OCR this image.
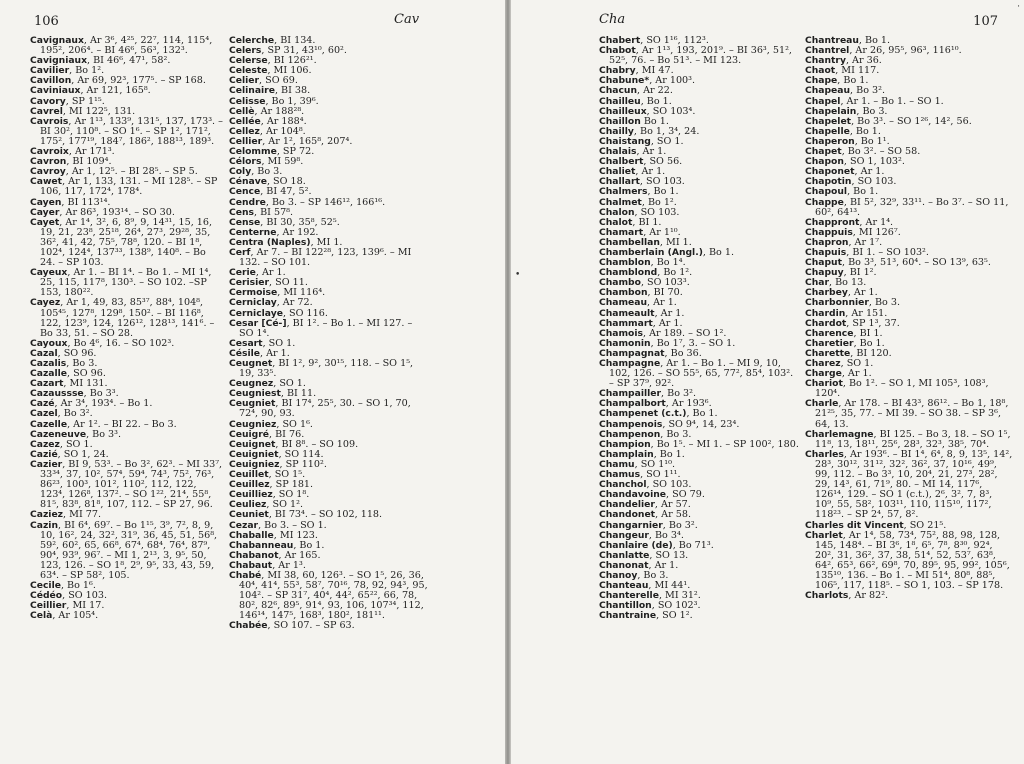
106	Cav

Cavignaux, Ar 3⁶, 4²⁵, 22⁷, 114, 115⁴, 195², 206⁴. – BI 46⁶, 56³, 132³.

Cavigniaux, BI 46⁶, 47¹, 58².

Cavilier, Bo 1².

Cavillon, Ar 69, 92³, 177⁵. – SP 168.

Caviniaux, Ar 121, 165⁸.

Cavory, SP 1¹⁵.

Cavrel, MI 122⁵, 131.

Cavrois, Ar 1¹³, 133⁹, 131⁵, 137, 173³. – BI 30², 110⁸. – SO 1⁶. – SP 1², 171², 175², 177¹⁹, 184⁷, 186², 188¹³, 189³.

Cavroix, Ar 171³.

Cavron, BI 109⁴.

Cavroy, Ar 1, 12⁵. – BI 28⁵. – SP 5.

Cawet, Ar 1, 133, 131. – MI 128⁵. – SP 106, 117, 172⁴, 178⁴.

Cayen, BI 113¹⁴.

Cayer, Ar 86³, 193¹⁴. – SO 30.

Cayet, Ar 1⁴, 3², 6, 8⁹, 9, 14³¹, 15, 16, 19, 21, 23⁸, 25¹⁸, 26⁴, 27³, 29²⁸, 35, 36², 41, 42, 75⁵, 78⁸, 120. – BI 1⁸, 102⁴, 124⁴, 137³³, 138⁹, 140⁸. – Bo 24. – SP 103.

Cayeux, Ar 1. – BI 1⁴. – Bo 1. – MI 1⁴, 25, 115, 117⁸, 130³. – SO 102. –SP 153, 180²².

Cayez, Ar 1, 49, 83, 85³⁷, 88⁴, 104⁸, 105⁴⁵, 127⁸, 129⁸, 150². – BI 116⁸, 122, 123⁹, 124, 126¹², 128¹³, 141⁶. – Bo 33, 51. – SO 28.

Cayoux, Bo 4⁶, 16. – SO 102³.

Cazal, SO 96.

Cazalis, Bo 3.

Cazalle, SO 96.

Cazart, MI 131.

Cazaussse, Bo 3³.

Cazé, Ar 3⁴, 193⁴. – Bo 1.

Cazel, Bo 3².

Cazelle, Ar 1². – BI 22. – Bo 3.

Cazeneuve, Bo 3³.

Cazez, SO 1.

Cazié, SO 1, 24.

Cazier, BI 9, 53³. – Bo 3², 62³. – MI 33⁷, 33³⁴, 37, 10², 57⁴, 59⁴, 74³, 75², 76³, 86²³, 100³, 101², 110², 112, 122, 123⁴, 126⁸, 137². – SO 1²², 21⁴, 55⁸, 81⁵, 83⁸, 81⁸, 107, 112. – SP 27, 96.

Caziez, MI 77.

Cazin, BI 6⁴, 69⁷. – Bo 1¹⁵, 3⁹, 7², 8, 9, 10, 16², 24, 32², 31⁹, 36, 45, 51, 56⁸, 59², 60², 65, 66⁸, 67⁴, 68⁴, 76⁴, 87⁹, 90⁴, 93⁹, 96⁷. – MI 1, 2¹³, 3, 9⁵, 50, 123, 126. – SO 1⁸, 2⁹, 9⁵, 33, 43, 59, 63⁴. – SP 58², 105.

Cecile, Bo 1⁶.

Cédéo, SO 103.

Ceillier, MI 17.

Celà, Ar 105⁴.

Celerche, BI 134.

Celers, SP 31, 43¹⁰, 60².

Celerse, BI 126²¹.

Celeste, MI 106.

Celier, SO 69.

Celinaire, BI 38.

Celisse, Bo 1, 39⁶.

Cellè, Ar 188²⁸.

Cellée, Ar 188⁴.

Cellez, Ar 104⁸.

Cellier, Ar 1², 165⁸, 207⁴.

Celomme, SP 72.

Célors, MI 59⁸.

Coly, Bo 3.

Cénave, SO 18.

Cence, BI 47, 5².

Cendre, Bo 3. – SP 146¹², 166¹⁶.

Cens, BI 57⁸.

Cense, BI 30, 35⁸, 52⁵.

Centerne, Ar 192.

Centra (Naples), MI 1.

Cerf, Ar 7. – BI 122²⁸, 123, 139⁶. – MI 132. – SO 101.

Cerie, Ar 1.

Cerisier, SO 11.

Cermoise, MI 116⁴.

Cerniclay, Ar 72.

Cerniclaye, SO 116.

Cesar [Cé-], BI 1². – Bo 1. – MI 127. – SO 1⁴.

Cesart, SO 1.

Césile, Ar 1.

Ceugnet, BI 1², 9², 30¹⁵, 118. – SO 1⁵, 19, 33⁵.

Ceugnez, SO 1.

Ceugniest, BI 11.

Ceugniet, BI 17⁴, 25⁵, 30. – SO 1, 70, 72⁴, 90, 93.

Ceugniez, SO 1⁶.

Ceuigré, BI 76.

Ceuignet, BI 8⁸. – SO 109.

Ceuigniet, SO 114.

Ceuigniez, SP 110².

Ceuillet, SO 1⁵.

Ceuillez, SP 181.

Ceuilliez, SO 1⁸.

Ceuliez, SO 1².

Ceuniet, BI 73⁴. – SO 102, 118.

Cezar, Bo 3. – SO 1.

Chaballe, MI 123.

Chabanneau, Bo 1.

Chabanot, Ar 165.

Chabaut, Ar 1³.

Chabé, MI 38, 60, 126³. – SO 1⁵, 26, 36, 40⁴, 41⁴, 55³, 58⁷, 70¹⁶, 78, 92, 94³, 95, 104². – SP 31⁷, 40⁴, 44², 65²², 66, 78, 80², 82⁶, 89⁵, 91⁴, 93, 106, 107³⁴, 112, 146¹⁴, 147⁵, 168³, 180², 181¹¹.

Chabée, SO 107. – SP 63.

Cha	107

Chabert, SO 1¹⁶, 112³.

Chabot, Ar 1¹³, 193, 201⁹. – BI 36³, 51², 52⁵, 76. – Bo 51³. – MI 123.

Chabry, MI 47.

Chabune*, Ar 100³.

Chacun, Ar 22.

Chailleu, Bo 1.

Chailleux, SO 103⁴.

Chaillon Bo 1.

Chailly, Bo 1, 3⁴, 24.

Chaistang, SO 1.

Chalais, Ar 1.

Chalbert, SO 56.

Chaliet, Ar 1.

Challart, SO 103.

Chalmers, Bo 1.

Chalmet, Bo 1².

Chalon, SO 103.

Chalot, BI 1.

Chamart, Ar 1¹⁰.

Chambellan, MI 1.

Chamberlain (Angl.), Bo 1.

Chamblon, Bo 1⁴.

Chamblond, Bo 1².

Chambo, SO 103³.

Chambon, BI 70.

Chameau, Ar 1.

Chameault, Ar 1.

Chammart, Ar 1.

Chamois, Ar 189. – SO 1².

Chamonin, Bo 1⁷, 3. – SO 1.

Champagnat, Bo 36.

Champagne, Ar 1. – Bo 1. – MI 9, 10, 102, 126. – SO 55⁵, 65, 77², 85⁴, 103². – SP 37⁹, 92².

Champailler, Bo 3².

Champalbort, Ar 193⁶.

Champenet (c.t.), Bo 1.

Champenois, SO 9⁴, 14, 23⁴.

Champenon, Bo 3.

Champion, Bo 1⁵. – MI 1. – SP 100², 180.

Champlain, Bo 1.

Chamu, SO 1¹⁰.

Chamus, SO 1¹¹.

Chanchol, SO 103.

Chandavoine, SO 79.

Chandelier, Ar 57.

Chandonet, Ar 58.

Changarnier, Bo 3².

Changeur, Bo 3⁴.

Chanlaire (de), Bo 71³.

Chanlatte, SO 13.

Chanonat, Ar 1.

Chanoy, Bo 3.

Chanteau, MI 44¹.

Chanterelle, MI 31².

Chantillon, SO 102³.

Chantraine, SO 1².

Chantreau, Bo 1.

Chantrel, Ar 26, 95⁵, 96³, 116¹⁰.

Chantry, Ar 36.

Chaot, MI 117.

Chape, Bo 1.

Chapeau, Bo 3².

Chapel, Ar 1. – Bo 1. – SO 1.

Chapelain, Bo 3.

Chapelet, Bo 3³. – SO 1²⁶, 14², 56.

Chapelle, Bo 1.

Chaperon, Bo 1¹.

Chapet, Bo 3². – SO 58.

Chapon, SO 1, 103².

Chaponet, Ar 1.

Chapotin, SO 103.

Chapoul, Bo 1.

Chappe, BI 5², 32⁹, 33¹¹. – Bo 3⁷. – SO 11, 60², 64¹³.

Chappront, Ar 1⁴.

Chappuis, MI 126⁷.

Chapron, Ar 1⁷.

Chapuis, BI 1. – SO 103².

Chaput, Bo 3³, 51³, 60⁴. – SO 13⁹, 63⁵.

Chapuy, BI 1².

Char, Bo 13.

Charbey, Ar 1.

Charbonnier, Bo 3.

Chardin, Ar 151.

Chardot, SP 1³, 37.

Charence, BI 1.

Charetier, Bo 1.

Charette, BI 120.

Charez, SO 1.

Charge, Ar 1.

Chariot, Bo 1². – SO 1, MI 105³, 108³, 120⁴.

Charle, Ar 178. – BI 43³, 86¹². – Bo 1, 18⁸, 21²⁵, 35, 77. – MI 39. – SO 38. – SP 3⁶, 64, 13.

Charlemagne, BI 125. – Bo 3, 18. – SO 1⁵, 11⁸, 13, 18¹¹, 25⁶, 28³, 32³, 38⁵, 70⁴.

Charles, Ar 193⁶. – BI 1⁴, 6⁴, 8, 9, 13⁵, 14², 28³, 30¹², 31¹², 32², 36², 37, 10¹⁶, 49⁹, 99, 112. – Bo 3³, 10, 20⁴, 21, 27³, 28², 29, 14³, 61, 71⁹, 80. – MI 14, 117⁶, 126¹⁴, 129. – SO 1 (c.t.), 2⁶, 3², 7, 8³, 10⁹, 55, 58², 103¹¹, 110, 115¹⁰, 117², 118²³. – SP 2⁴, 57, 8².

Charles dit Vincent, SO 21⁵.

Charlet, Ar 1⁴, 58, 73⁴, 75², 88, 98, 128, 145, 148⁴. – BI 3⁶, 1⁸, 6⁵, 7⁸, 8³⁰, 92⁴, 20², 31, 36², 37, 38, 51⁴, 52, 53⁷, 63⁸, 64², 65³, 66², 69⁸, 70, 89⁵, 95, 99², 105⁶, 135¹⁰, 136. – Bo 1. – MI 51⁴, 80⁸, 88⁵, 106⁵, 117, 118⁵. – SO 1, 103. – SP 178.

Charlots, Ar 82².

•
·
